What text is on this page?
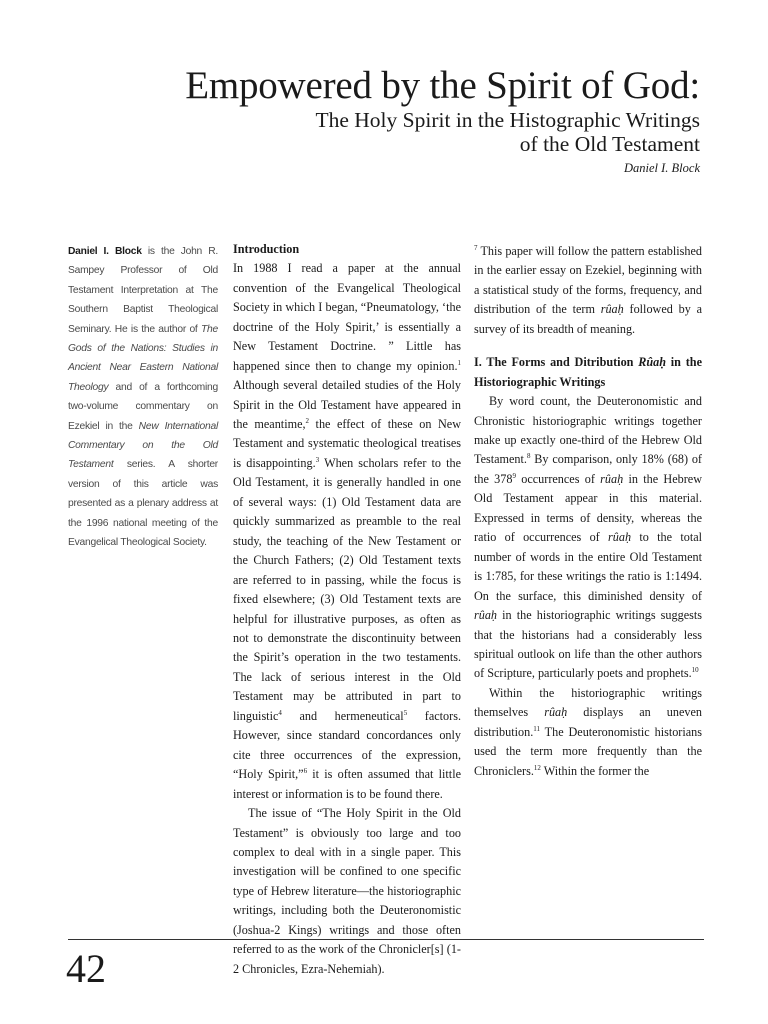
Empowered by the Spirit of God:
The Holy Spirit in the Histographic Writings
of the Old Testament
Daniel I. Block
Daniel I. Block is the John R. Sampey Professor of Old Testament Interpretation at The Southern Baptist Theological Seminary. He is the author of The Gods of the Nations: Studies in Ancient Near Eastern National Theology and of a forthcoming two-volume commentary on Ezekiel in the New International Commentary on the Old Testament series. A shorter version of this article was presented as a plenary address at the 1996 national meeting of the Evangelical Theological Society.
Introduction

In 1988 I read a paper at the annual convention of the Evangelical Theological Society in which I began, “Pneumatology, ‘the doctrine of the Holy Spirit,’ is essentially a New Testament Doctrine. ” Little has happened since then to change my opinion.$^1$ Although several detailed studies of the Holy Spirit in the Old Testament have appeared in the meantime,$^2$ the effect of these on New Testament and systematic theological treatises is disappointing.$^3$ When scholars refer to the Old Testament, it is generally handled in one of several ways: (1) Old Testament data are quickly summarized as preamble to the real study, the teaching of the New Testament or the Church Fathers; (2) Old Testament texts are referred to in passing, while the focus is fixed elsewhere; (3) Old Testament texts are helpful for illustrative purposes, as often as not to demonstrate the discontinuity between the Spirit’s operation in the two testaments. The lack of serious interest in the Old Testament may be attributed in part to linguistic$^4$ and hermeneutical$^5$ factors. However, since standard concordances only cite three occurrences of the expression, “Holy Spirit,”$^6$ it is often assumed that little interest or information is to be found there.

The issue of “The Holy Spirit in the Old Testament” is obviously too large and too complex to deal with in a single paper. This investigation will be confined to one specific type of Hebrew literature—the historiographic writings, including both the Deuteronomistic (Joshua-2 Kings) writings and those often referred to as the work of the Chronicler[s] (1-2 Chronicles, Ezra-Nehemiah).

$^7$ This paper will follow the pattern established in the earlier essay on Ezekiel, beginning with a statistical study of the forms, frequency, and distribution of the term rûaḥ followed by a survey of its breadth of meaning.

I. The Forms and Ditribution Rûaḥ in the Historiographic Writings

By word count, the Deuteronomistic and Chronistic historiographic writings together make up exactly one-third of the Hebrew Old Testament.$^8$ By comparison, only 18% (68) of the $378^9$ occurrences of rûaḥ in the Hebrew Old Testament appear in this material. Expressed in terms of density, whereas the ratio of occurrences of rûaḥ to the total number of words in the entire Old Testament is 1:785, for these writings the ratio is 1:1494. On the surface, this diminished density of rûaḥ in the historiographic writings suggests that the historians had a considerably less spiritual outlook on life than the other authors of Scripture, particularly poets and prophets.$^{10}$

Within the historiographic writings themselves rûaḥ displays an uneven distribution.$^{11}$ The Deuteronomistic historians used the term more frequently than the Chroniclers.$^{12}$ Within the former the

42
